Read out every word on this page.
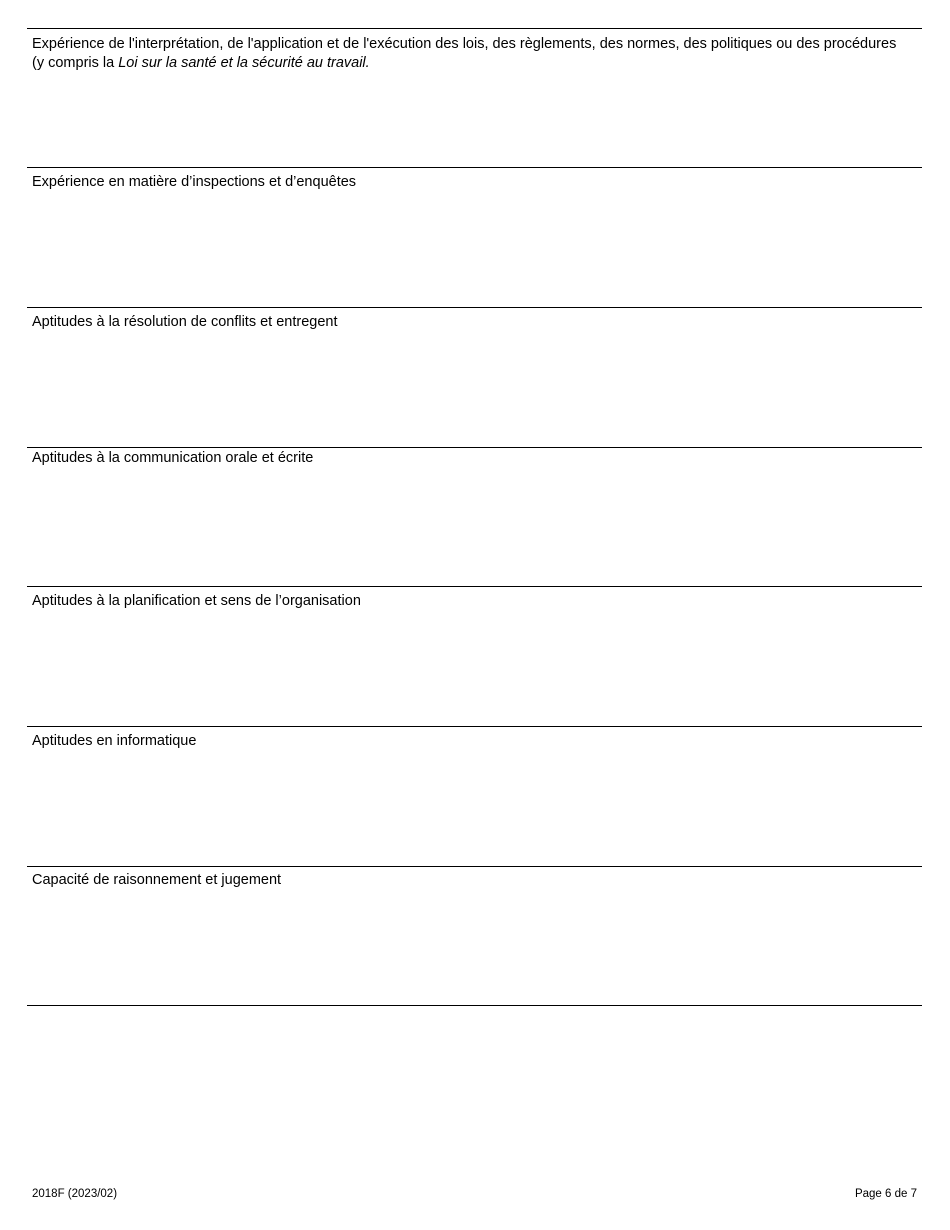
Expérience de l'interprétation, de l'application et de l'exécution des lois, des règlements, des normes, des politiques ou des procédures (y compris la Loi sur la santé et la sécurité au travail.
Expérience en matière d’inspections et d’enquêtes
Aptitudes à la résolution de conflits et entregent
Aptitudes à la communication orale et écrite
Aptitudes à la planification et sens de l’organisation
Aptitudes en informatique
Capacité de raisonnement et jugement
2018F (2023/02)	Page 6 de 7
